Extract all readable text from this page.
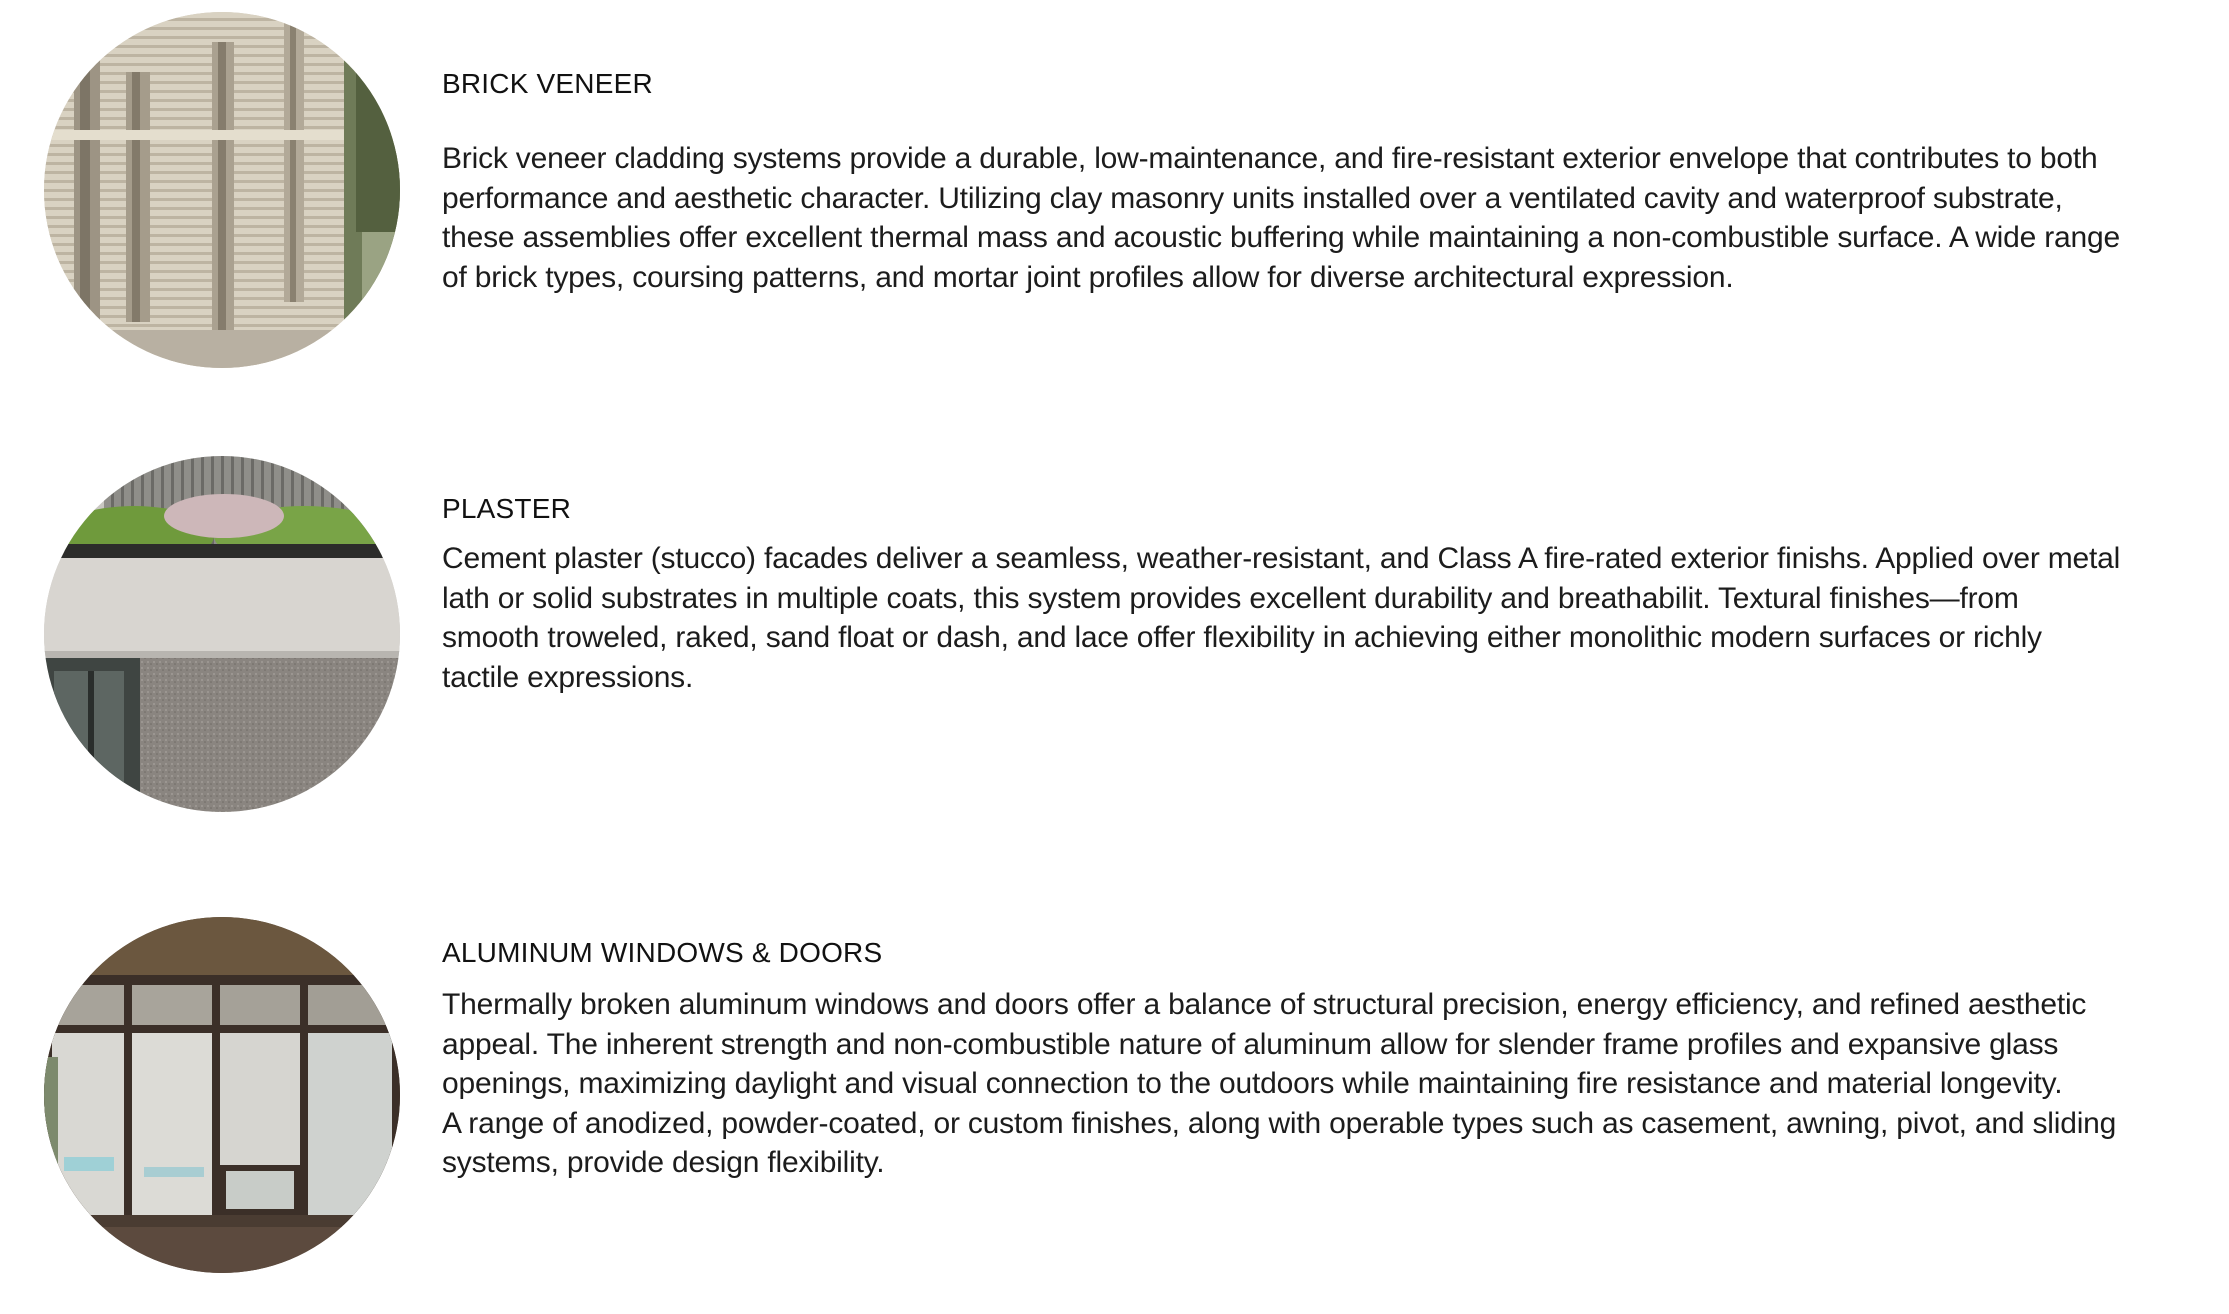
BRICK VENEER

Brick veneer cladding systems provide a durable, low-maintenance, and fire-resistant exterior envelope that contributes to both
performance and aesthetic character. Utilizing clay masonry units installed over a ventilated cavity and waterproof substrate,
these assemblies offer excellent thermal mass and acoustic buffering while maintaining a non-combustible surface. A wide range
of brick types, coursing patterns, and mortar joint profiles allow for diverse architectural expression.

PLASTER

Cement plaster (stucco) facades deliver a seamless, weather-resistant, and Class A fire-rated exterior finishs. Applied over metal
lath or solid substrates in multiple coats, this system provides excellent durability and breathabilit. Textural finishes—from
smooth troweled, raked, sand float or dash, and lace offer flexibility in achieving either monolithic modern surfaces or richly
tactile expressions.

ALUMINUM WINDOWS & DOORS

Thermally broken aluminum windows and doors offer a balance of structural precision, energy efficiency, and refined aesthetic
appeal. The inherent strength and non-combustible nature of aluminum allow for slender frame profiles and expansive glass
openings, maximizing daylight and visual connection to the outdoors while maintaining fire resistance and material longevity.
A range of anodized, powder-coated, or custom finishes, along with operable types such as casement, awning, pivot, and sliding
systems, provide design flexibility.
